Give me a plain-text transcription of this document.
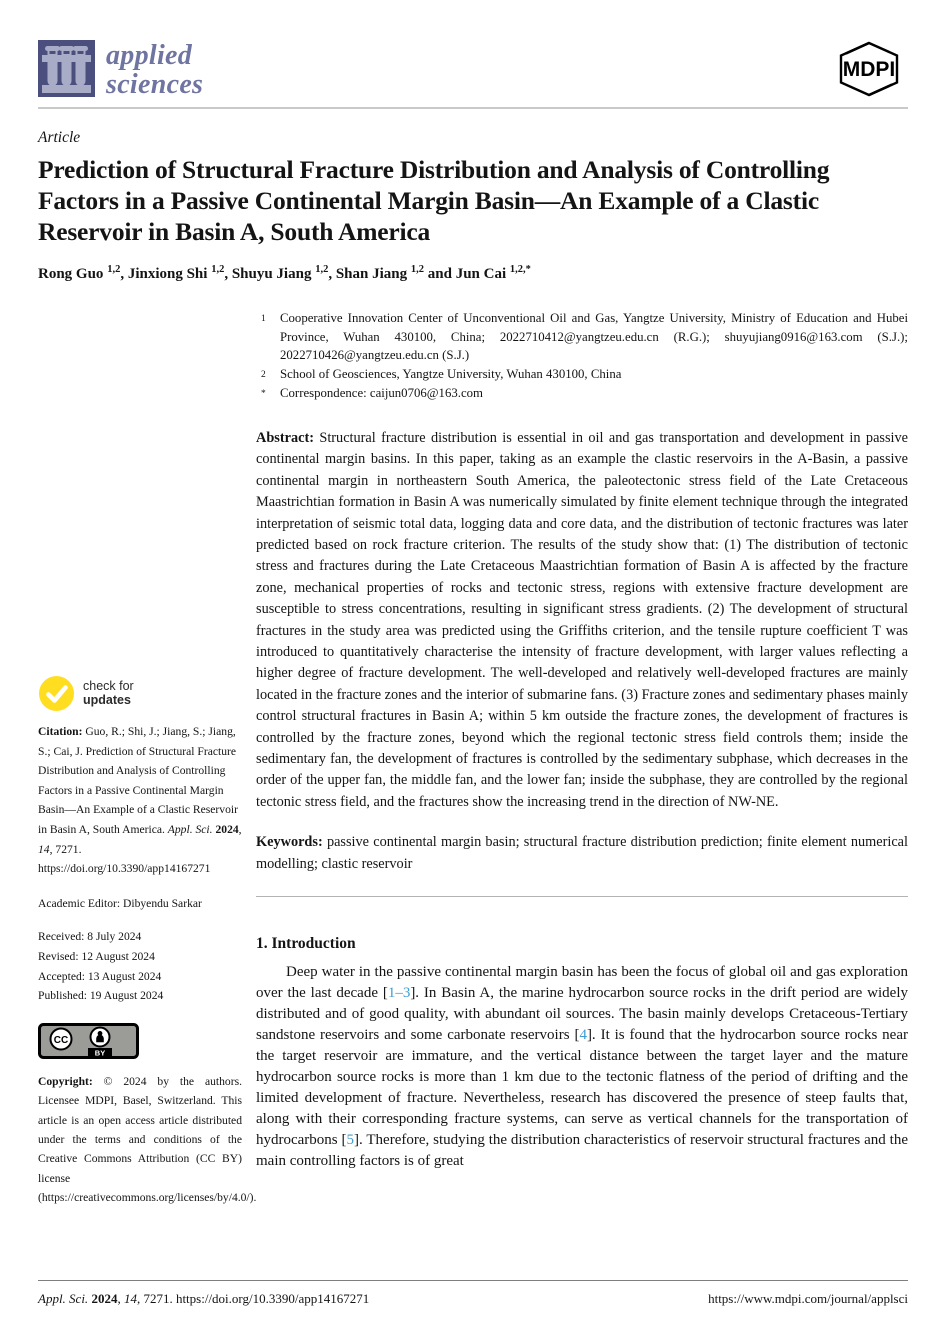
applied
sciences	MDPI
Article
Prediction of Structural Fracture Distribution and Analysis of Controlling Factors in a Passive Continental Margin Basin—An Example of a Clastic Reservoir in Basin A, South America
Rong Guo $^{1,2}$, Jinxiong Shi $^{1,2}$, Shuyu Jiang $^{1,2}$, Shan Jiang $^{1,2}$ and Jun Cai $^{1,2,*}$
check for
updates

Citation: Guo, R.; Shi, J.; Jiang, S.; Jiang, S.; Cai, J. Prediction of Structural Fracture Distribution and Analysis of Controlling Factors in a Passive Continental Margin Basin—An Example of a Clastic Reservoir in Basin A, South America. Appl. Sci. 2024, 14, 7271. https://doi.org/10.3390/app14167271

Academic Editor: Dibyendu Sarkar

Received: 8 July 2024
Revised: 12 August 2024
Accepted: 13 August 2024
Published: 19 August 2024
CC
BY

Copyright: © 2024 by the authors. Licensee MDPI, Basel, Switzerland. This article is an open access article distributed under the terms and conditions of the Creative Commons Attribution (CC BY) license (https://creativecommons.org/licenses/by/4.0/).

1	Cooperative Innovation Center of Unconventional Oil and Gas, Yangtze University, Ministry of Education and Hubei Province, Wuhan 430100, China; 2022710412@yangtzeu.edu.cn (R.G.); shuyujiang0916@163.com (S.J.); 2022710426@yangtzeu.edu.cn (S.J.)
2	School of Geosciences, Yangtze University, Wuhan 430100, China
*	Correspondence: caijun0706@163.com

Abstract: Structural fracture distribution is essential in oil and gas transportation and development in passive continental margin basins. In this paper, taking as an example the clastic reservoirs in the A-Basin, a passive continental margin in northeastern South America, the paleotectonic stress field of the Late Cretaceous Maastrichtian formation in Basin A was numerically simulated by finite element technique through the integrated interpretation of seismic total data, logging data and core data, and the distribution of tectonic fractures was later predicted based on rock fracture criterion. The results of the study show that: (1) The distribution of tectonic stress and fractures during the Late Cretaceous Maastrichtian formation of Basin A is affected by the fracture zone, mechanical properties of rocks and tectonic stress, regions with extensive fracture development are susceptible to stress concentrations, resulting in significant stress gradients. (2) The development of structural fractures in the study area was predicted using the Griffiths criterion, and the tensile rupture coefficient T was introduced to quantitatively characterise the intensity of fracture development, with larger values reflecting a higher degree of fracture development. The well-developed and relatively well-developed fractures are mainly located in the fracture zones and the interior of submarine fans. (3) Fracture zones and sedimentary phases mainly control structural fractures in Basin A; within 5 km outside the fracture zones, the development of fractures is controlled by the fracture zones, beyond which the regional tectonic stress field controls them; inside the sedimentary fan, the development of fractures is controlled by the sedimentary subphase, which decreases in the order of the upper fan, the middle fan, and the lower fan; inside the subphase, they are controlled by the regional tectonic stress field, and the fractures show the increasing trend in the direction of NW-NE.

Keywords: passive continental margin basin; structural fracture distribution prediction; finite element numerical modelling; clastic reservoir

1. Introduction

Deep water in the passive continental margin basin has been the focus of global oil and gas exploration over the last decade [1–3]. In Basin A, the marine hydrocarbon source rocks in the drift period are widely distributed and of good quality, with abundant oil sources. The basin mainly develops Cretaceous-Tertiary sandstone reservoirs and some carbonate reservoirs [4]. It is found that the hydrocarbon source rocks near the target reservoir are immature, and the vertical distance between the target layer and the mature hydrocarbon source rocks is more than 1 km due to the tectonic flatness of the period of drifting and the limited development of fracture. Nevertheless, research has discovered the presence of steep faults that, along with their corresponding fracture systems, can serve as vertical channels for the transportation of hydrocarbons [5]. Therefore, studying the distribution characteristics of reservoir structural fractures and the main controlling factors is of great

Appl. Sci. 2024, 14, 7271. https://doi.org/10.3390/app14167271	https://www.mdpi.com/journal/applsci
